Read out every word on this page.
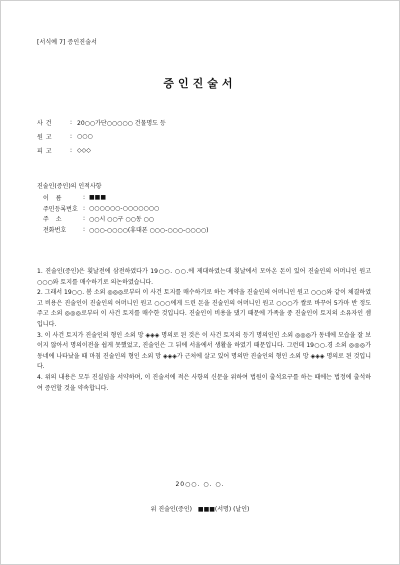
[서식예 7] 증인진술서
증인진술서
사건	: 20○○가단○○○○○ 건물명도 등
원고	: ○○○
피고	: ◇◇◇
진술인(증인)의 인적사항
이름	: ■■■
주민등록번호 : ○○○○○○-○○○○○○○
주소	: ○○시 ○○구 ○○동 ○○
전화번호	: ○○○-○○○○(휴대폰 ○○○-○○○-○○○○)

1. 진술인(증인)은 횟날전에 삼전하였다가 19○○. ○○.에 제대하였는데 횟날에서 모아온 돈이 있어 진술인의 어머니인 원고 ○○○와 토지를 매수하기로 의논하였습니다.

2. 그래서 19○○. 봄 소외 ◎◎◎로부터 이 사건 토지를 매수하기로 하는 계약을 진술인의 어머니인 원고 ○○○와 같이 체결하였고 비용은 진술인이 진술인의 어머니인 원고 ○○○에게 드린 돈을 진술인의 어머니인 원고 ○○○가 쌀로 바꾸어 5가마 반 정도 주고 소외 ◎◎◎로부터 이 사건 토지를 매수한 것입니다. 진술인이 비용을 댔기 때문에 가족을 중 진술인이 토지의 소유자인 셈입니다.

3. 이 사건 토지가 진술인의 형인 소외 망 ◈◈◈ 명의로 된 것은 이 사건 토지의 등기 명의인인 소외 ◎◎◎가 동네에 모습을 잘 보이지 않아서 명의이전을 쉽게 못했었고, 진술인은 그 뒤에 서울에서 생활을 하였기 때문입니다. 그런데 19○○.경 소외 ◎◎◎가 동네에 나타났을 때 마침 진술인의 형인 소외 망 ◈◈◈가 근처에 살고 있어 명의만 진술인의 형인 소외 망 ◈◈◈ 명의로 된 것입니다.

4. 위의 내용은 모두 진실임을 서약하며, 이 진술서에 적은 사항의 신문을 위하여 법원이 출석요구를 하는 때에는 법정에 출석하여 증언할 것을 약속합니다.

20○○. ○. ○.
위 진술인(증인) ■■■(서명) (날인)
